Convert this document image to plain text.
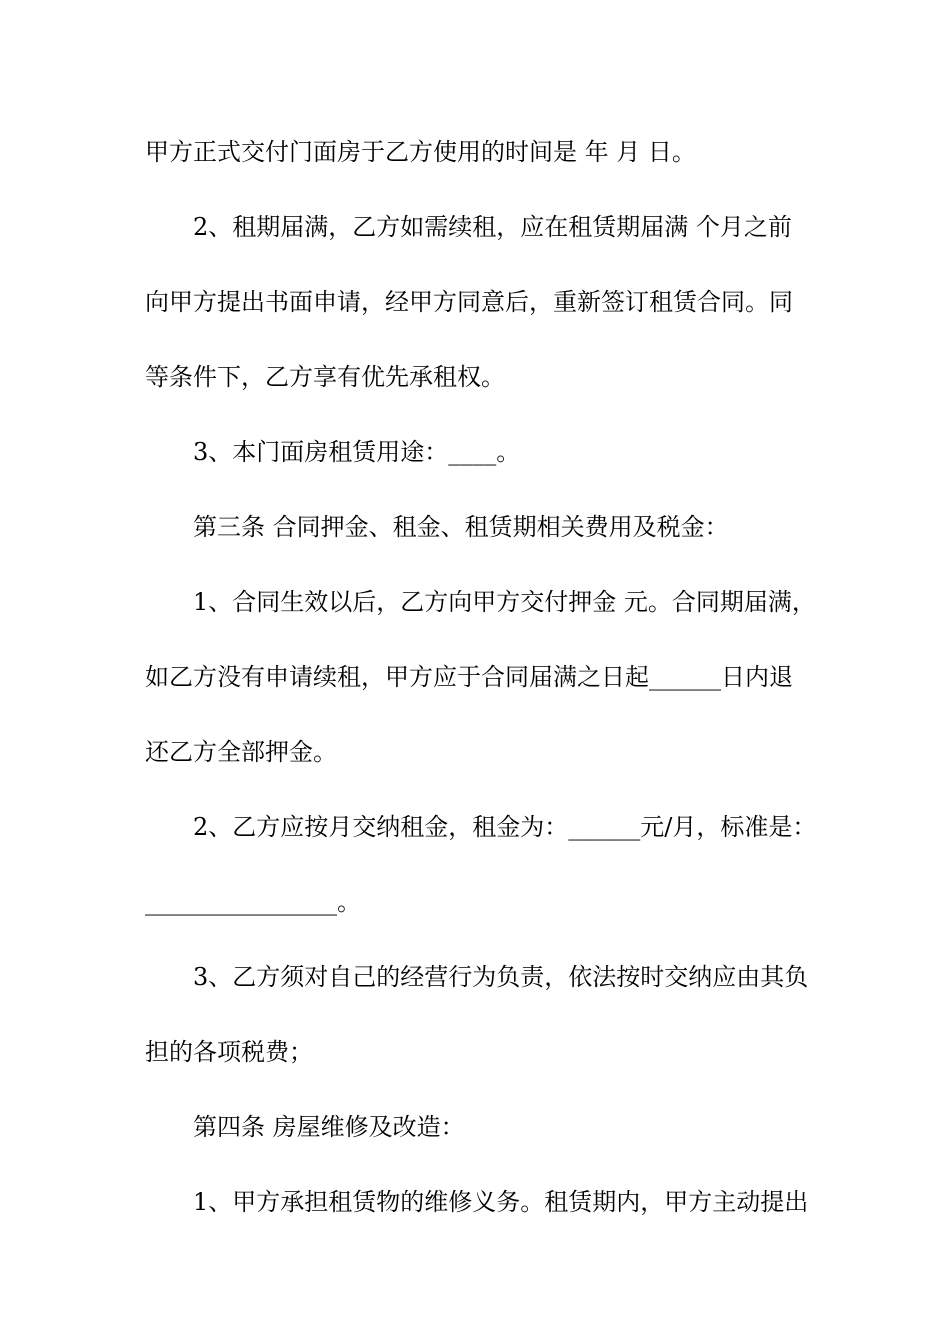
甲方正式交付门面房于乙方使用的时间是 年 月 日。
2、租期届满，乙方如需续租，应在租赁期届满 个月之前
向甲方提出书面申请，经甲方同意后，重新签订租赁合同。同
等条件下，乙方享有优先承租权。
3、本门面房租赁用途：____。
第三条 合同押金、租金、租赁期相关费用及税金：
1、合同生效以后，乙方向甲方交付押金 元。合同期届满，
如乙方没有申请续租，甲方应于合同届满之日起______日内退
还乙方全部押金。
2、乙方应按月交纳租金，租金为：______元/月，标准是：
________________。
3、乙方须对自己的经营行为负责，依法按时交纳应由其负
担的各项税费；
第四条 房屋维修及改造：
1、甲方承担租赁物的维修义务。租赁期内，甲方主动提出
